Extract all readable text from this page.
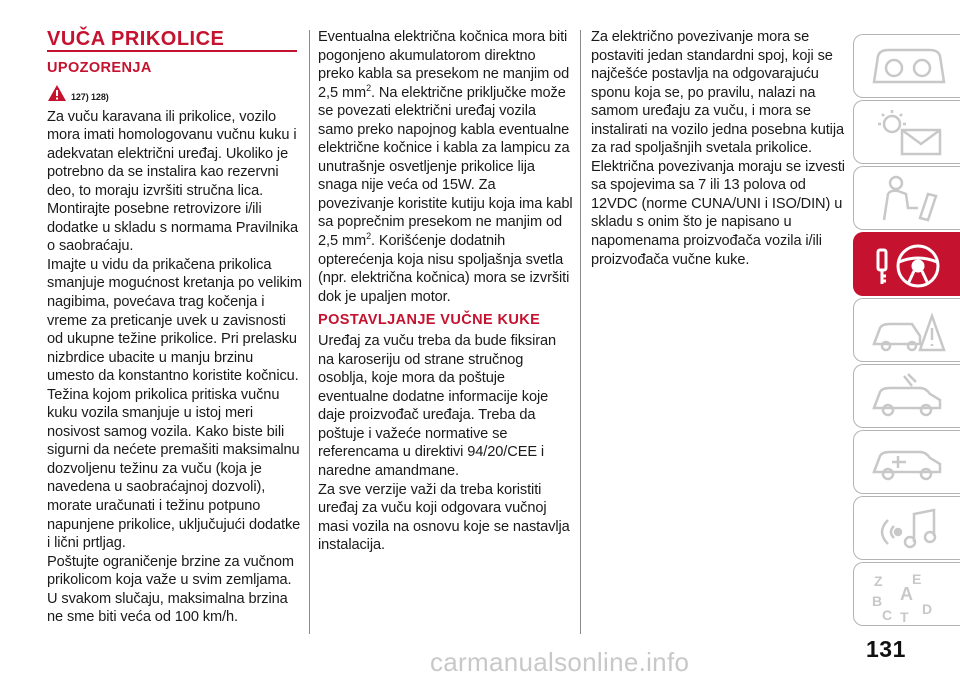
VUČA PRIKOLICE
UPOZORENJA
127) 128)

Za vuču karavana ili prikolice, vozilo mora imati homologovanu vučnu kuku i adekvatan električni uređaj. Ukoliko je potrebno da se instalira kao rezervni deo, to moraju izvršiti stručna lica.

Montirajte posebne retrovizore i/ili dodatke u skladu s normama Pravilnika o saobraćaju.

Imajte u vidu da prikačena prikolica smanjuje mogućnost kretanja po velikim nagibima, povećava trag kočenja i vreme za preticanje uvek u zavisnosti od ukupne težine prikolice. Pri prelasku nizbrdice ubacite u manju brzinu umesto da konstantno koristite kočnicu. Težina kojom prikolica pritiska vučnu kuku vozila smanjuje u istoj meri nosivost samog vozila. Kako biste bili sigurni da nećete premašiti maksimalnu dozvoljenu težinu za vuču (koja je navedena u saobraćajnoj dozvoli), morate uračunati i težinu potpuno napunjene prikolice, uključujući dodatke i lični prtljag.

Poštujte ograničenje brzine za vučnom prikolicom koja važe u svim zemljama. U svakom slučaju, maksimalna brzina ne sme biti veća od 100 km/h.

Eventualna električna kočnica mora biti pogonjeno akumulatorom direktno preko kabla sa presekom ne manjim od 2,5 $mm^2$. Na električne priključke može se povezati električni uređaj vozila samo preko napojnog kabla eventualne električne kočnice i kabla za lampicu za unutrašnje osvetljenje prikolice lija snaga nije veća od 15W. Za povezivanje koristite kutiju koja ima kabl sa poprečnim presekom ne manjim od 2,5 $mm^2$. Korišćenje dodatnih opterećenja koja nisu spoljašnja svetla (npr. električna kočnica) mora se izvršiti dok je upaljen motor.

POSTAVLJANJE VUČNE KUKE

Uređaj za vuču treba da bude fiksiran na karoseriju od strane stručnog osoblja, koje mora da poštuje eventualne dodatne informacije koje daje proizvođač uređaja. Treba da poštuje i važeće normative se referencama u direktivi 94/20/CEE i naredne amandmane.

Za sve verzije važi da treba koristiti uređaj za vuču koji odgovara vučnoj masi vozila na osnovu koje se nastavlja instalacija.

Za električno povezivanje mora se postaviti jedan standardni spoj, koji se najčešće postavlja na odgovarajuću sponu koja se, po pravilu, nalazi na samom uređaju za vuču, i mora se instalirati na vozilo jedna posebna kutija za rad spoljašnjih svetala prikolice.

Električna povezivanja moraju se izvesti sa spojevima sa 7 ili 13 polova od 12VDC (norme CUNA/UNI i ISO/DIN) u skladu s onim što je napisano u napomenama proizvođača vozila i/ili proizvođača vučne kuke.

Z E
B A
C T D
131
carmanualsonline.info
